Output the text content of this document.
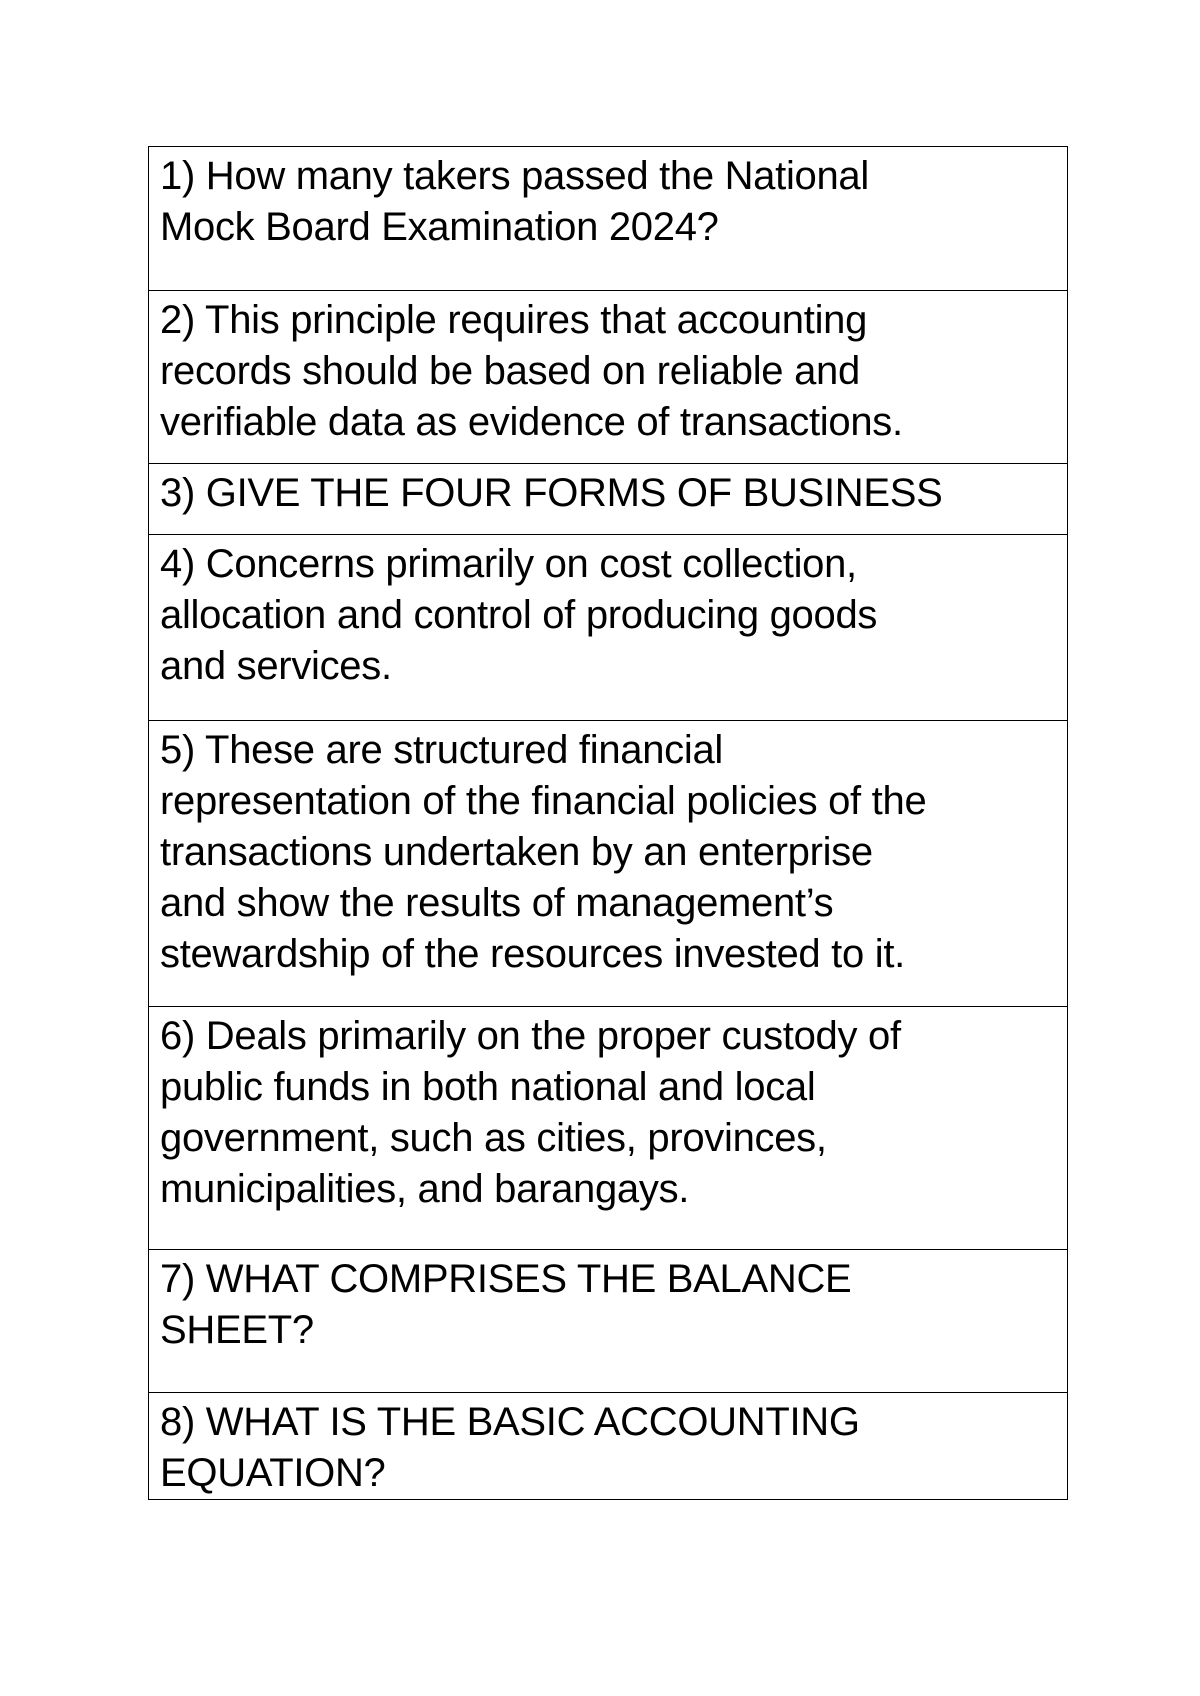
1) How many takers passed the National
Mock Board Examination 2024?

2) This principle requires that accounting
records should be based on reliable and
verifiable data as evidence of transactions.

3) GIVE THE FOUR FORMS OF BUSINESS

4) Concerns primarily on cost collection,
allocation and control of producing goods
and services.

5) These are structured financial
representation of the financial policies of the
transactions undertaken by an enterprise
and show the results of management’s
stewardship of the resources invested to it.

6) Deals primarily on the proper custody of
public funds in both national and local
government, such as cities, provinces,
municipalities, and barangays.

7) WHAT COMPRISES THE BALANCE
SHEET?

8) WHAT IS THE BASIC ACCOUNTING
EQUATION?
